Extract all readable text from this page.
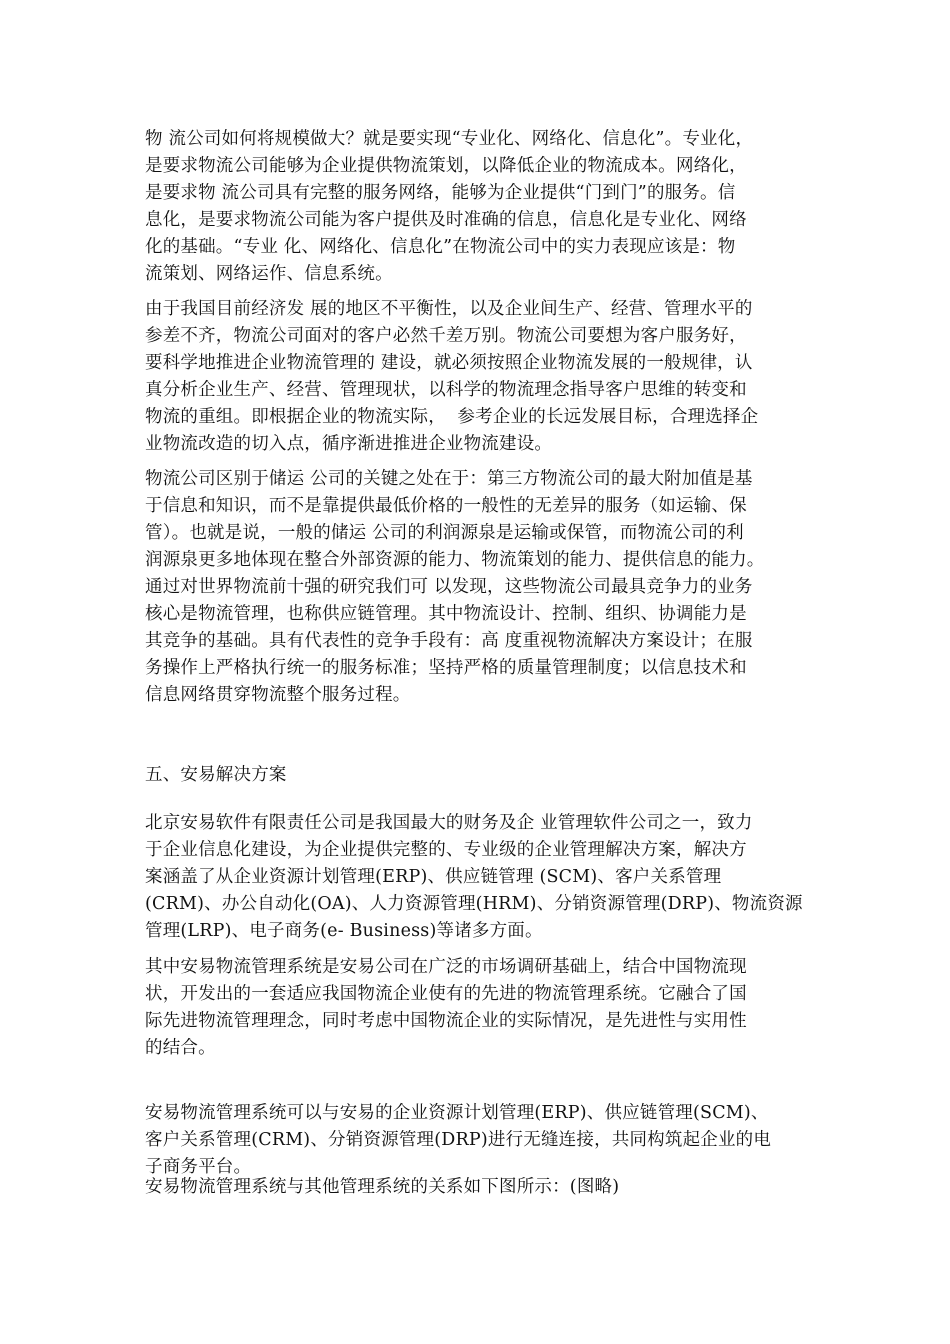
物 流公司如何将规模做大？就是要实现“专业化、网络化、信息化”。专业化，
是要求物流公司能够为企业提供物流策划，以降低企业的物流成本。网络化，
是要求物 流公司具有完整的服务网络，能够为企业提供“门到门”的服务。信
息化，是要求物流公司能为客户提供及时准确的信息，信息化是专业化、网络
化的基础。“专业 化、网络化、信息化”在物流公司中的实力表现应该是：物
流策划、网络运作、信息系统。
由于我国目前经济发 展的地区不平衡性，以及企业间生产、经营、管理水平的
参差不齐，物流公司面对的客户必然千差万别。物流公司要想为客户服务好，
要科学地推进企业物流管理的 建设，就必须按照企业物流发展的一般规律，认
真分析企业生产、经营、管理现状，以科学的物流理念指导客户思维的转变和
物流的重组。即根据企业的物流实际，  参考企业的长远发展目标，合理选择企
业物流改造的切入点，循序渐进推进企业物流建设。
物流公司区别于储运 公司的关键之处在于：第三方物流公司的最大附加值是基
于信息和知识，而不是靠提供最低价格的一般性的无差异的服务（如运输、保
管）。也就是说，一般的储运 公司的利润源泉是运输或保管，而物流公司的利
润源泉更多地体现在整合外部资源的能力、物流策划的能力、提供信息的能力。
通过对世界物流前十强的研究我们可 以发现，这些物流公司最具竞争力的业务
核心是物流管理，也称供应链管理。其中物流设计、控制、组织、协调能力是
其竞争的基础。具有代表性的竞争手段有：高 度重视物流解决方案设计；在服
务操作上严格执行统一的服务标准；坚持严格的质量管理制度；以信息技术和
信息网络贯穿物流整个服务过程。
五、安易解决方案
北京安易软件有限责任公司是我国最大的财务及企 业管理软件公司之一，致力
于企业信息化建设，为企业提供完整的、专业级的企业管理解决方案，解决方
案涵盖了从企业资源计划管理(ERP)、供应链管理 (SCM)、客户关系管理
(CRM)、办公自动化(OA)、人力资源管理(HRM)、分销资源管理(DRP)、物流资源
管理(LRP)、电子商务(e- Business)等诸多方面。
其中安易物流管理系统是安易公司在广泛的市场调研基础上，结合中国物流现
状，开发出的一套适应我国物流企业使有的先进的物流管理系统。它融合了国
际先进物流管理理念，同时考虑中国物流企业的实际情况，是先进性与实用性
的结合。
安易物流管理系统可以与安易的企业资源计划管理(ERP)、供应链管理(SCM)、
客户关系管理(CRM)、分销资源管理(DRP)进行无缝连接，共同构筑起企业的电
子商务平台。
安易物流管理系统与其他管理系统的关系如下图所示：(图略)
